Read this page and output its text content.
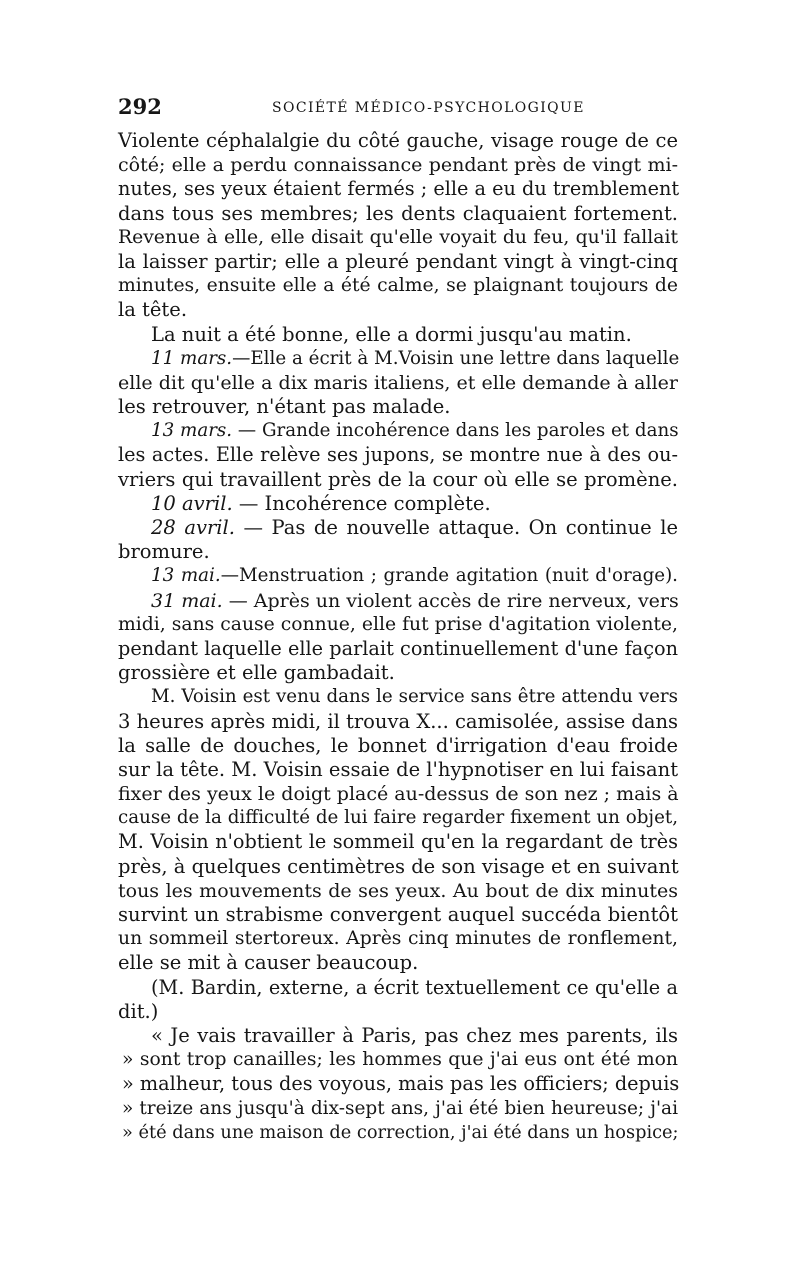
292	SOCIÉTÉ MÉDICO-PSYCHOLOGIQUE
Violente céphalalgie du côté gauche, visage rouge de ce
côté; elle a perdu connaissance pendant près de vingt mi-
nutes, ses yeux étaient fermés ; elle a eu du tremblement
dans tous ses membres; les dents claquaient fortement.
Revenue à elle, elle disait qu'elle voyait du feu, qu'il fallait
la laisser partir; elle a pleuré pendant vingt à vingt-cinq
minutes, ensuite elle a été calme, se plaignant toujours de
la tête.
La nuit a été bonne, elle a dormi jusqu'au matin.
11 mars.—Elle a écrit à M.Voisin une lettre dans laquelle
elle dit qu'elle a dix maris italiens, et elle demande à aller
les retrouver, n'étant pas malade.
13 mars. — Grande incohérence dans les paroles et dans
les actes. Elle relève ses jupons, se montre nue à des ou-
vriers qui travaillent près de la cour où elle se promène.
10 avril. — Incohérence complète.
28 avril. — Pas de nouvelle attaque. On continue le
bromure.
13 mai.—Menstruation ; grande agitation (nuit d'orage).
31 mai. — Après un violent accès de rire nerveux, vers
midi, sans cause connue, elle fut prise d'agitation violente,
pendant laquelle elle parlait continuellement d'une façon
grossière et elle gambadait.
M. Voisin est venu dans le service sans être attendu vers
3 heures après midi, il trouva X... camisolée, assise dans
la salle de douches, le bonnet d'irrigation d'eau froide
sur la tête. M. Voisin essaie de l'hypnotiser en lui faisant
fixer des yeux le doigt placé au-dessus de son nez ; mais à
cause de la difficulté de lui faire regarder fixement un objet,
M. Voisin n'obtient le sommeil qu'en la regardant de très
près, à quelques centimètres de son visage et en suivant
tous les mouvements de ses yeux. Au bout de dix minutes
survint un strabisme convergent auquel succéda bientôt
un sommeil stertoreux. Après cinq minutes de ronflement,
elle se mit à causer beaucoup.
(M. Bardin, externe, a écrit textuellement ce qu'elle a
dit.)
« Je vais travailler à Paris, pas chez mes parents, ils
» sont trop canailles; les hommes que j'ai eus ont été mon
» malheur, tous des voyous, mais pas les officiers; depuis
» treize ans jusqu'à dix-sept ans, j'ai été bien heureuse; j'ai
» été dans une maison de correction, j'ai été dans un hospice;
